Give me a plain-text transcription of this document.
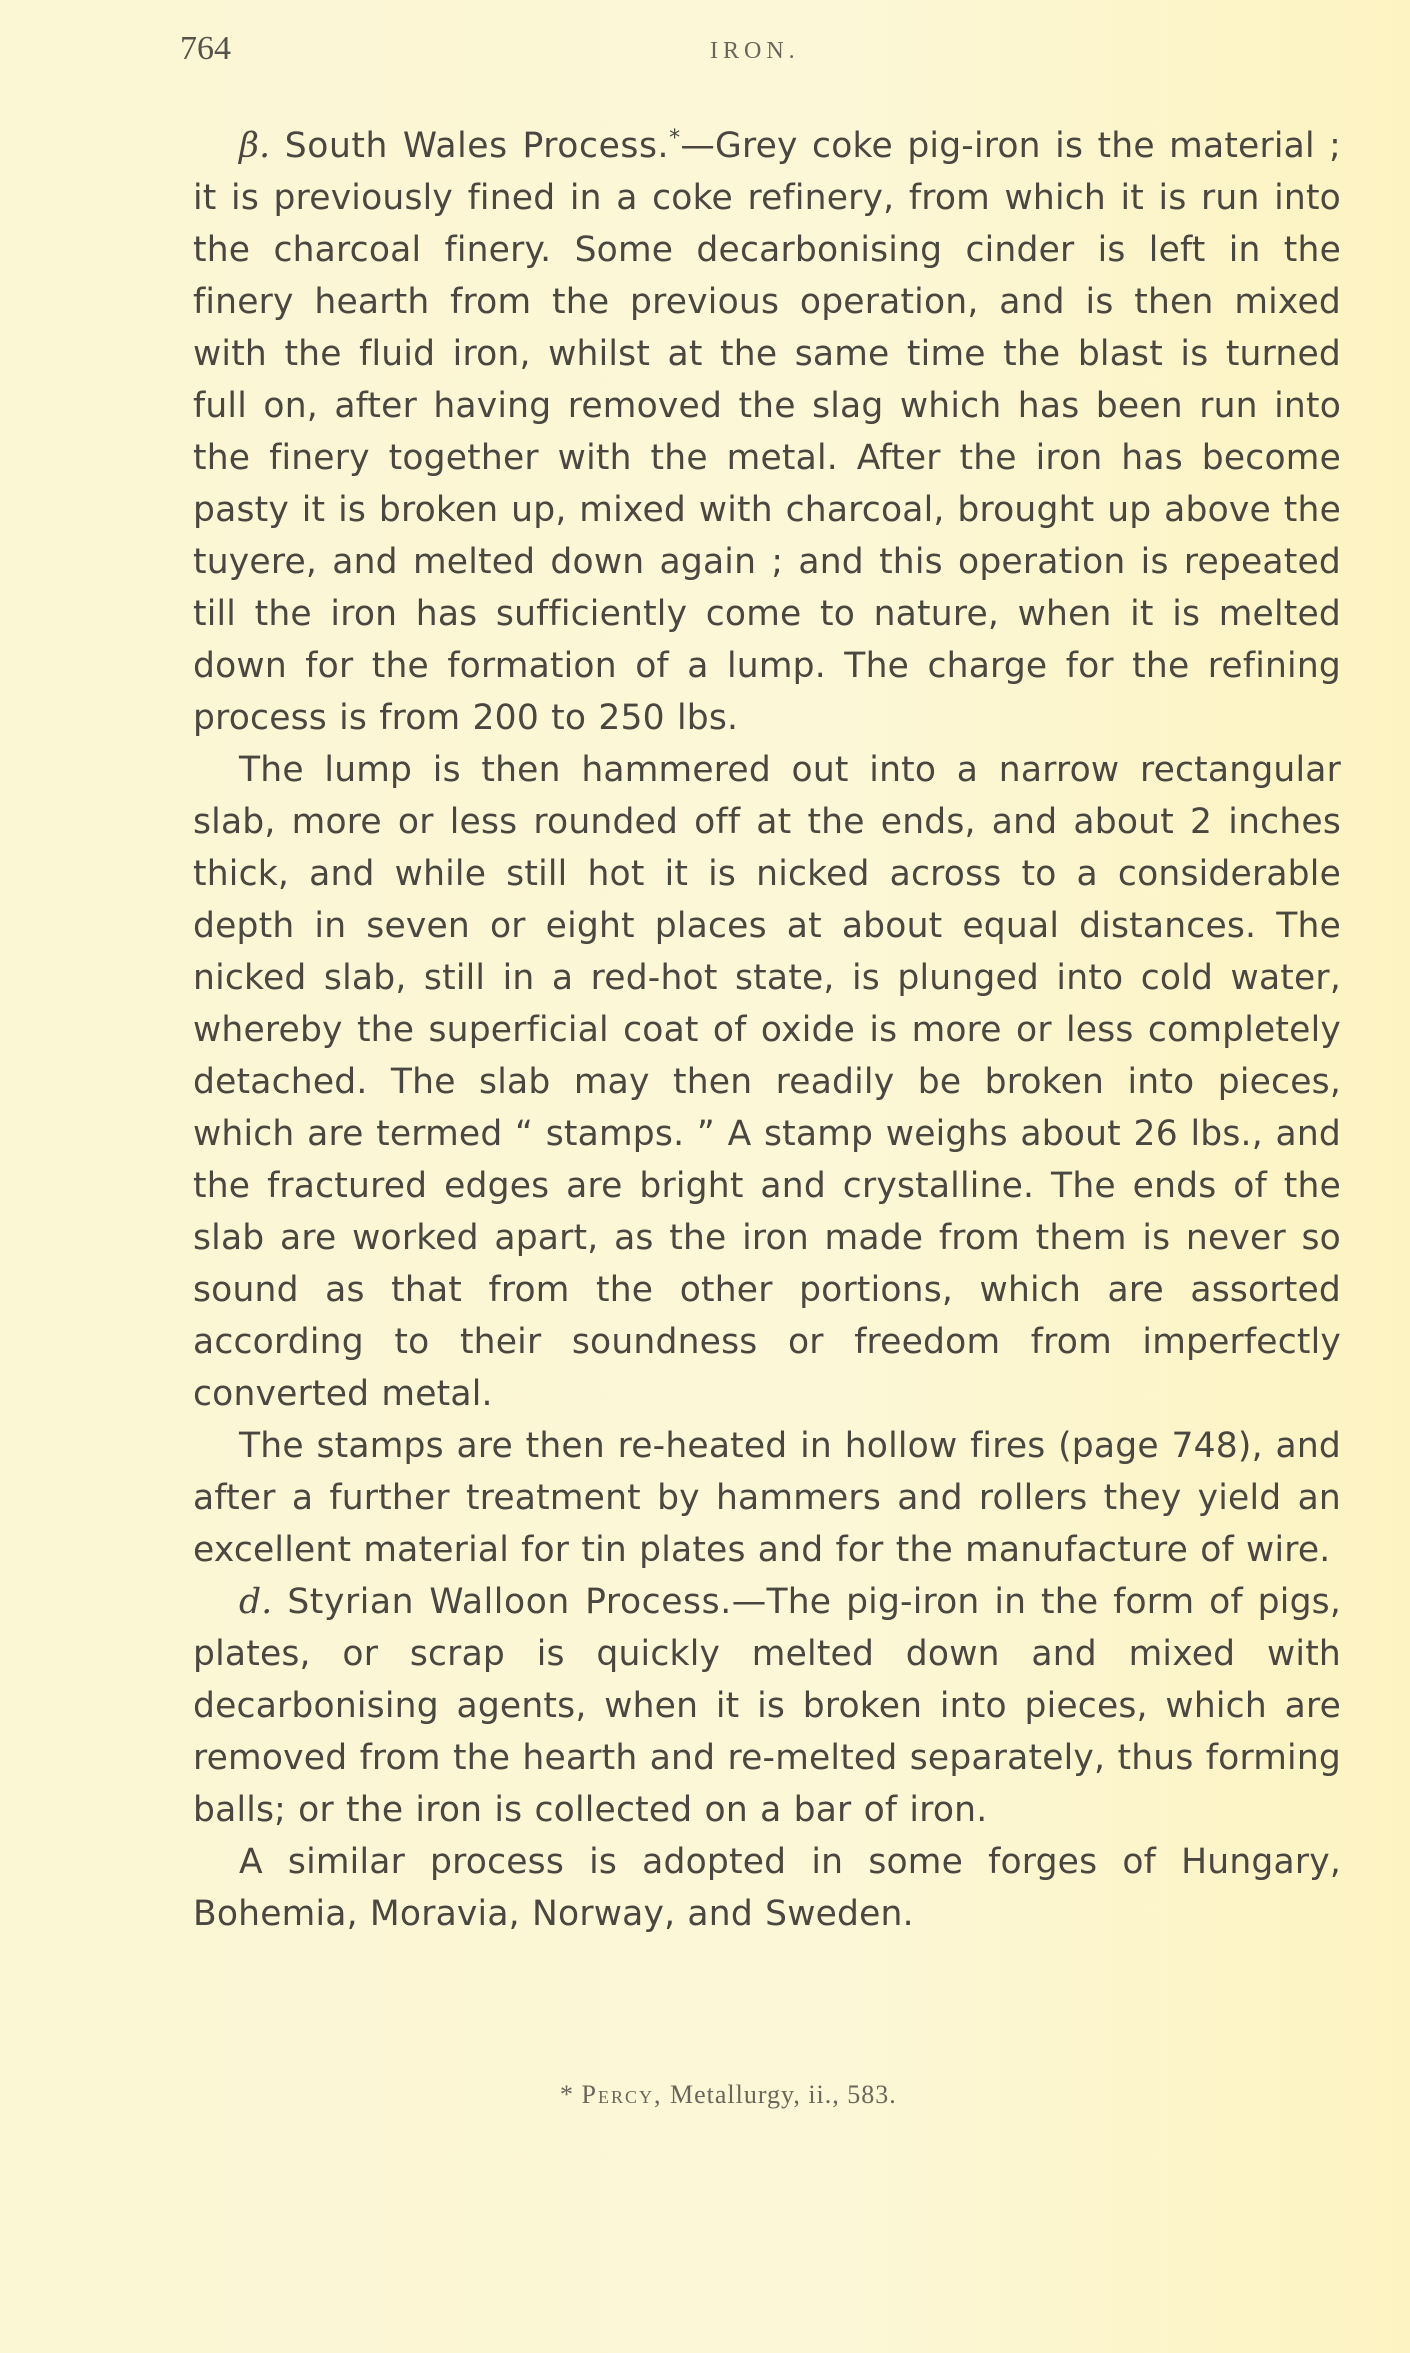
764	IRON.

β. South Wales Process.*—Grey coke pig-iron is the material ; it is previously fined in a coke refinery, from which it is run into the charcoal finery. Some decarbonising cinder is left in the finery hearth from the previous operation, and is then mixed with the fluid iron, whilst at the same time the blast is turned full on, after having removed the slag which has been run into the finery together with the metal. After the iron has become pasty it is broken up, mixed with charcoal, brought up above the tuyere, and melted down again ; and this operation is repeated till the iron has sufficiently come to nature, when it is melted down for the formation of a lump. The charge for the refining process is from 200 to 250 lbs.

The lump is then hammered out into a narrow rectangular slab, more or less rounded off at the ends, and about 2 inches thick, and while still hot it is nicked across to a considerable depth in seven or eight places at about equal distances. The nicked slab, still in a red-hot state, is plunged into cold water, whereby the superficial coat of oxide is more or less completely detached. The slab may then readily be broken into pieces, which are termed “ stamps. ” A stamp weighs about 26 lbs., and the fractured edges are bright and crystalline. The ends of the slab are worked apart, as the iron made from them is never so sound as that from the other portions, which are assorted according to their soundness or freedom from imperfectly converted metal.

The stamps are then re-heated in hollow fires (page 748), and after a further treatment by hammers and rollers they yield an excellent material for tin plates and for the manufacture of wire.

d. Styrian Walloon Process.—The pig-iron in the form of pigs, plates, or scrap is quickly melted down and mixed with decarbonising agents, when it is broken into pieces, which are removed from the hearth and re-melted separately, thus forming balls; or the iron is collected on a bar of iron.

A similar process is adopted in some forges of Hungary, Bohemia, Moravia, Norway, and Sweden.

* Percy, Metallurgy, ii., 583.
